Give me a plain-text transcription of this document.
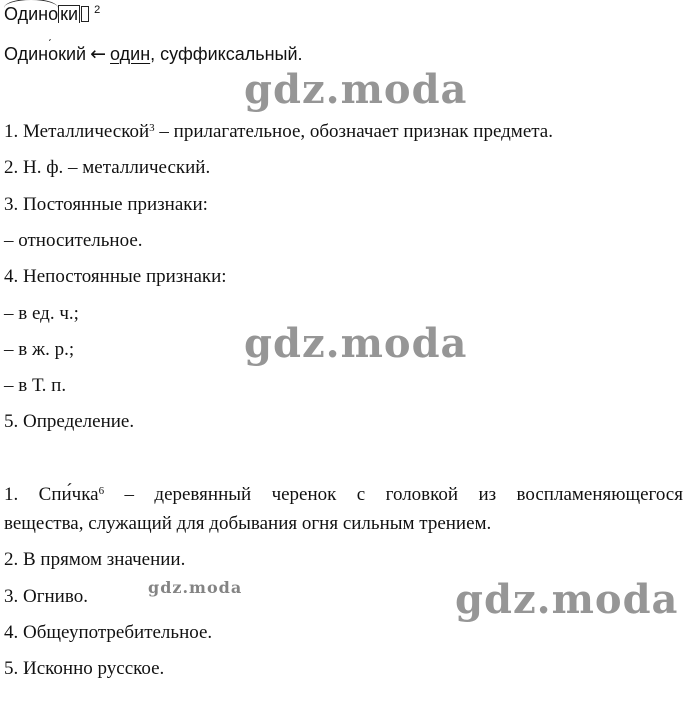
Одино ки $^2$
Одино
кий ← один, суффиксальный.
1. Металлической$^3$ – прилагательное, обозначает признак предмета.
2. Н. ф. – металлический.
3. Постоянные признаки:
– относительное.
4. Непостоянные признаки:
– в ед. ч.;
– в ж. р.;
– в Т. п.
5. Определение.
1. Спи́чка$^6$ – деревянный черенок с головкой из воспламеняющегося
вещества, служащий для добывания огня сильным трением.
2. В прямом значении.
3. Огниво.
4. Общеупотребительное.
5. Исконно русское.
gdz.moda
gdz.moda
gdz.moda	gdz.moda
